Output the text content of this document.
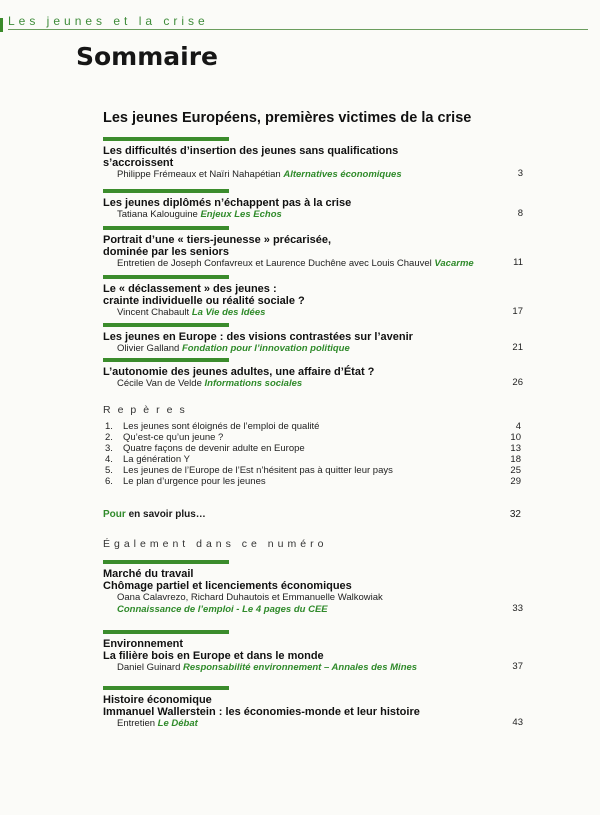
Les jeunes et la crise
Sommaire
Les jeunes Européens, premières victimes de la crise
Les difficultés d’insertion des jeunes sans qualifications
s’accroissent
Philippe Frémeaux et Naïri Nahapétian Alternatives économiques	3
Les jeunes diplômés n’échappent pas à la crise
Tatiana Kalouguine Enjeux Les Echos	8
Portrait d’une « tiers-jeunesse » précarisée,
dominée par les seniors
Entretien de Joseph Confavreux et Laurence Duchêne avec Louis Chauvel Vacarme	11
Le « déclassement » des jeunes :
crainte individuelle ou réalité sociale ?
Vincent Chabault La Vie des Idées	17
Les jeunes en Europe : des visions contrastées sur l’avenir
Olivier Galland Fondation pour l’innovation politique	21
L’autonomie des jeunes adultes, une affaire d’État ?
Cécile Van de Velde Informations sociales	26
Repères
1. Les jeunes sont éloignés de l’emploi de qualité	4
2. Qu’est-ce qu’un jeune ?	10
3. Quatre façons de devenir adulte en Europe	13
4. La génération Y	18
5. Les jeunes de l’Europe de l’Est n’hésitent pas à quitter leur pays	25
6. Le plan d’urgence pour les jeunes	29
Pour en savoir plus…	32
Également dans ce numéro
Marché du travail
Chômage partiel et licenciements économiques
Oana Calavrezo, Richard Duhautois et Emmanuelle Walkowiak
Connaissance de l’emploi - Le 4 pages du CEE	33
Environnement
La filière bois en Europe et dans le monde
Daniel Guinard Responsabilité environnement – Annales des Mines	37
Histoire économique
Immanuel Wallerstein : les économies-monde et leur histoire
Entretien Le Débat	43
